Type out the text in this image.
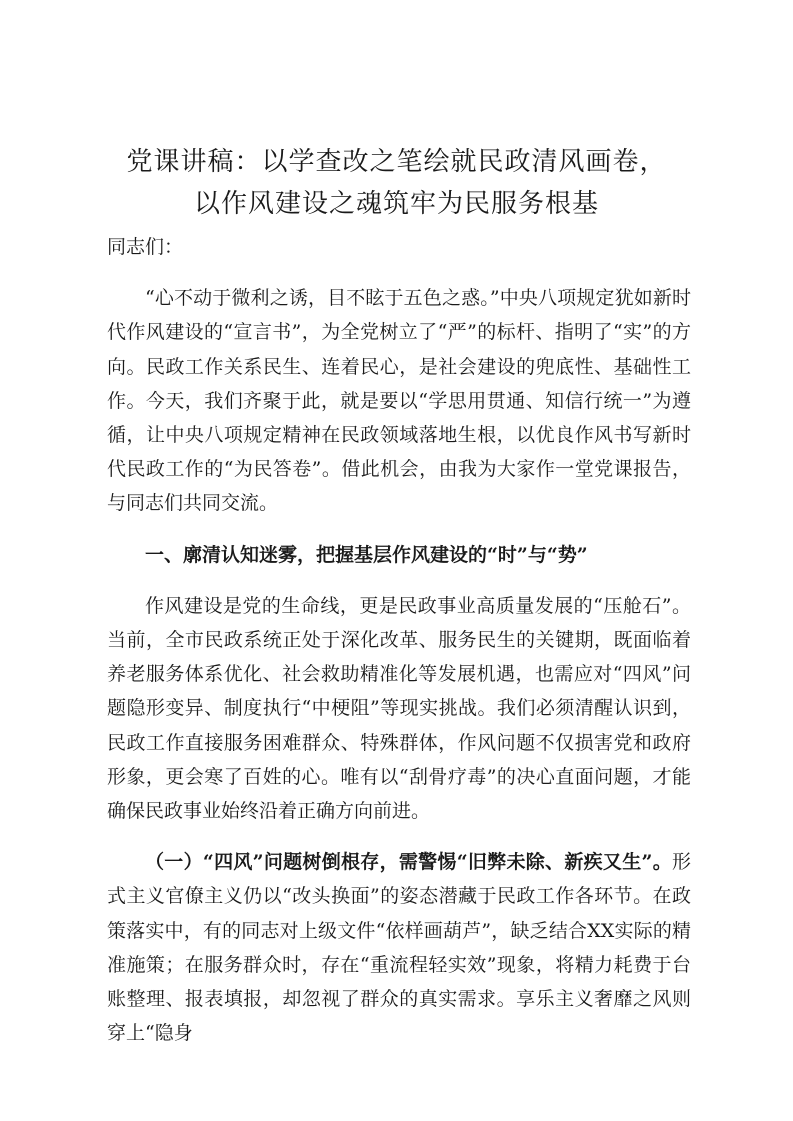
党课讲稿：以学查改之笔绘就民政清风画卷，
以作风建设之魂筑牢为民服务根基

同志们：

“心不动于微利之诱，目不眩于五色之惑。”中央八项规定犹如新时代作风建设的“宣言书”，为全党树立了“严”的标杆、指明了“实”的方向。民政工作关系民生、连着民心，是社会建设的兜底性、基础性工作。今天，我们齐聚于此，就是要以“学思用贯通、知信行统一”为遵循，让中央八项规定精神在民政领域落地生根，以优良作风书写新时代民政工作的“为民答卷”。借此机会，由我为大家作一堂党课报告，与同志们共同交流。

一、廓清认知迷雾，把握基层作风建设的“时”与“势”

作风建设是党的生命线，更是民政事业高质量发展的“压舱石”。当前，全市民政系统正处于深化改革、服务民生的关键期，既面临着养老服务体系优化、社会救助精准化等发展机遇，也需应对“四风”问题隐形变异、制度执行“中梗阻”等现实挑战。我们必须清醒认识到，民政工作直接服务困难群众、特殊群体，作风问题不仅损害党和政府形象，更会寒了百姓的心。唯有以“刮骨疗毒”的决心直面问题，才能确保民政事业始终沿着正确方向前进。

（一）“四风”问题树倒根存，需警惕“旧弊未除、新疾又生”。形式主义官僚主义仍以“改头换面”的姿态潜藏于民政工作各环节。在政策落实中，有的同志对上级文件“依样画葫芦”，缺乏结合XX实际的精准施策；在服务群众时，存在“重流程轻实效”现象，将精力耗费于台账整理、报表填报，却忽视了群众的真实需求。享乐主义奢靡之风则穿上“隐身
